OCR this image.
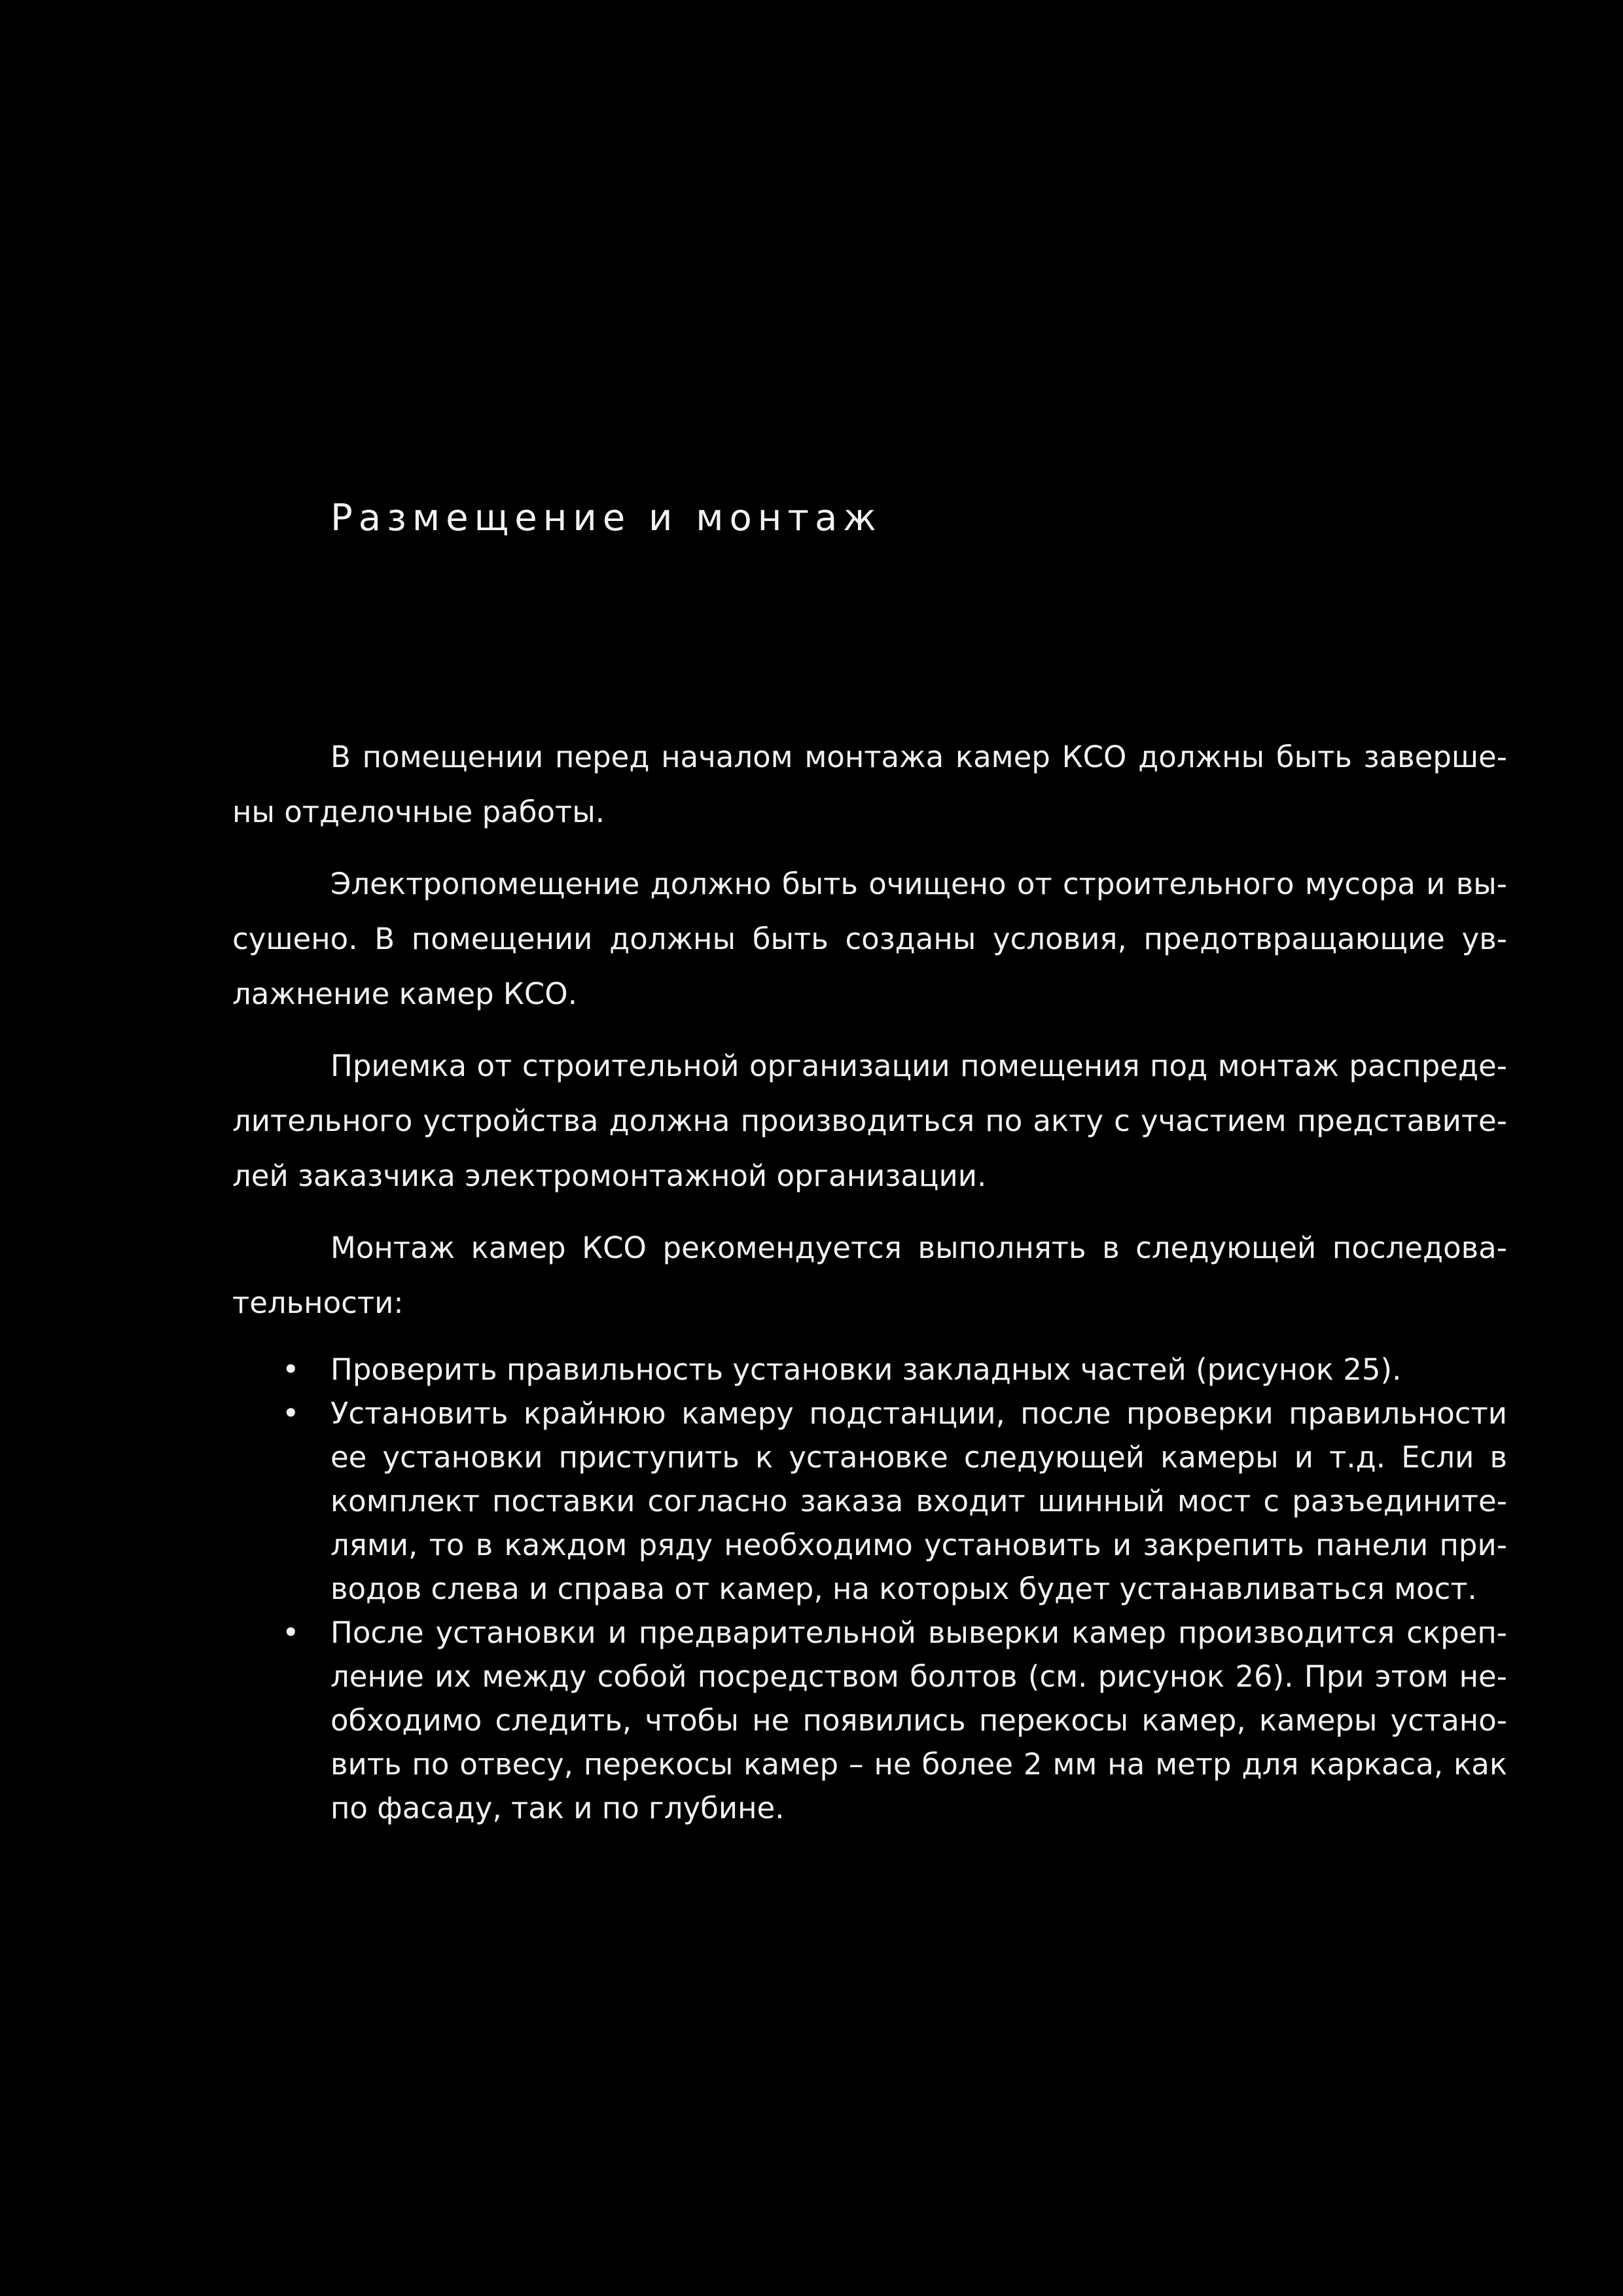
Размещение и монтаж

В помещении перед началом монтажа камер КСО должны быть завершены отделочные работы.

Электропомещение должно быть очищено от строительного мусора и высушено. В помещении должны быть созданы условия, предотвращающие увлажнение камер КСО.

Приемка от строительной организации помещения под монтаж распределительного устройства должна производиться по акту с участием представителей заказчика электромонтажной организации.

Монтаж камер КСО рекомендуется выполнять в следующей последовательности:

• Проверить правильность установки закладных частей (рисунок 25).
• Установить крайнюю камеру подстанции, после проверки правильности ее установки приступить к установке следующей камеры и т.д. Если в комплект поставки согласно заказа входит шинный мост с разъединителями, то в каждом ряду необходимо установить и закрепить панели приводов слева и справа от камер, на которых будет устанавливаться мост.
• После установки и предварительной выверки камер производится скрепление их между собой посредством болтов (см. рисунок 26). При этом необходимо следить, чтобы не появились перекосы камер, камеры установить по отвесу, перекосы камер – не более 2 мм на метр для каркаса, как по фасаду, так и по глубине.
